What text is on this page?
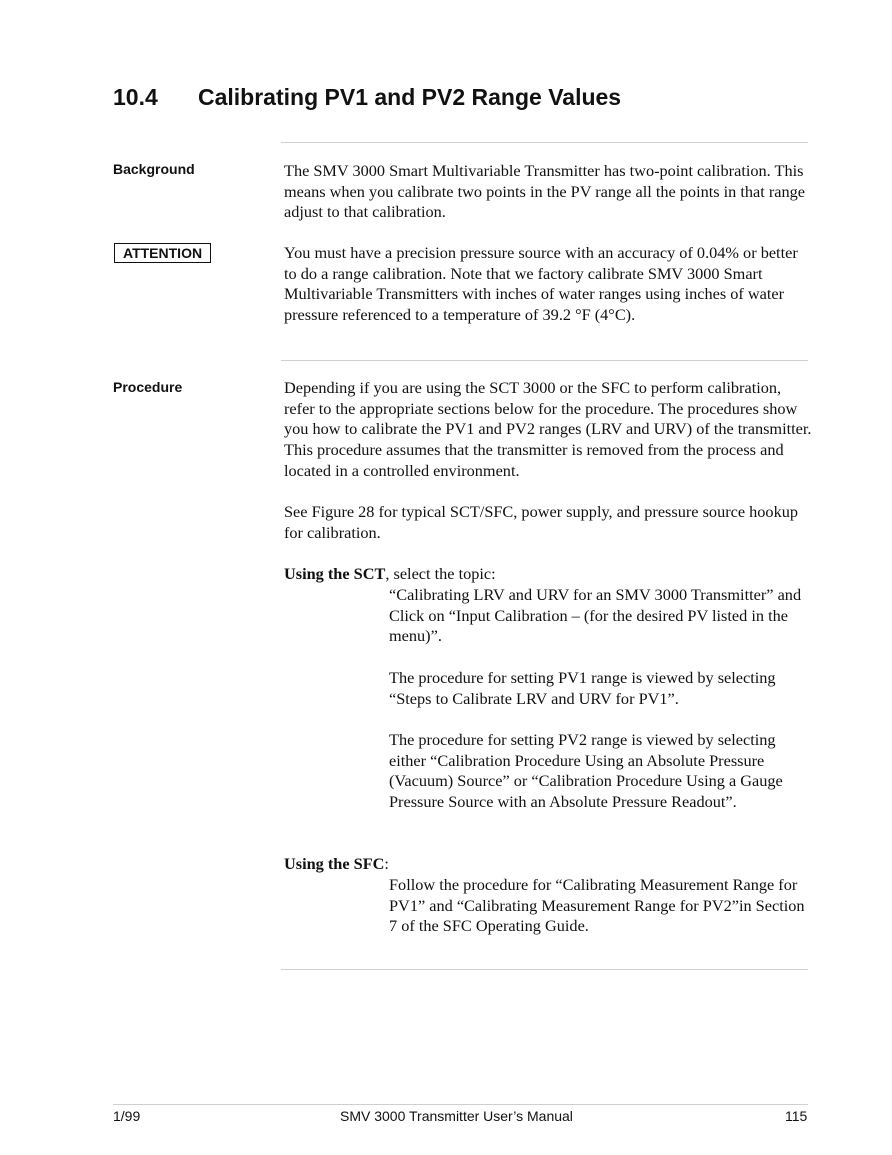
10.4 Calibrating PV1 and PV2 Range Values
Background	The SMV 3000 Smart Multivariable Transmitter has two-point calibration. This means when you calibrate two points in the PV range all the points in that range adjust to that calibration.

ATTENTION	You must have a precision pressure source with an accuracy of 0.04% or better to do a range calibration. Note that we factory calibrate SMV 3000 Smart Multivariable Transmitters with inches of water ranges using inches of water pressure referenced to a temperature of 39.2 °F (4°C).

Procedure	Depending if you are using the SCT 3000 or the SFC to perform calibration, refer to the appropriate sections below for the procedure. The procedures show you how to calibrate the PV1 and PV2 ranges (LRV and URV) of the transmitter. This procedure assumes that the transmitter is removed from the process and located in a controlled environment.

See Figure 28 for typical SCT/SFC, power supply, and pressure source hookup for calibration.

Using the SCT, select the topic:

“Calibrating LRV and URV for an SMV 3000 Transmitter” and Click on “Input Calibration – (for the desired PV listed in the menu)”.

The procedure for setting PV1 range is viewed by selecting “Steps to Calibrate LRV and URV for PV1”.

The procedure for setting PV2 range is viewed by selecting either “Calibration Procedure Using an Absolute Pressure (Vacuum) Source” or “Calibration Procedure Using a Gauge Pressure Source with an Absolute Pressure Readout”.

Using the SFC:

Follow the procedure for “Calibrating Measurement Range for PV1” and “Calibrating Measurement Range for PV2”in Section 7 of the SFC Operating Guide.

1/99	SMV 3000 Transmitter User’s Manual	115
